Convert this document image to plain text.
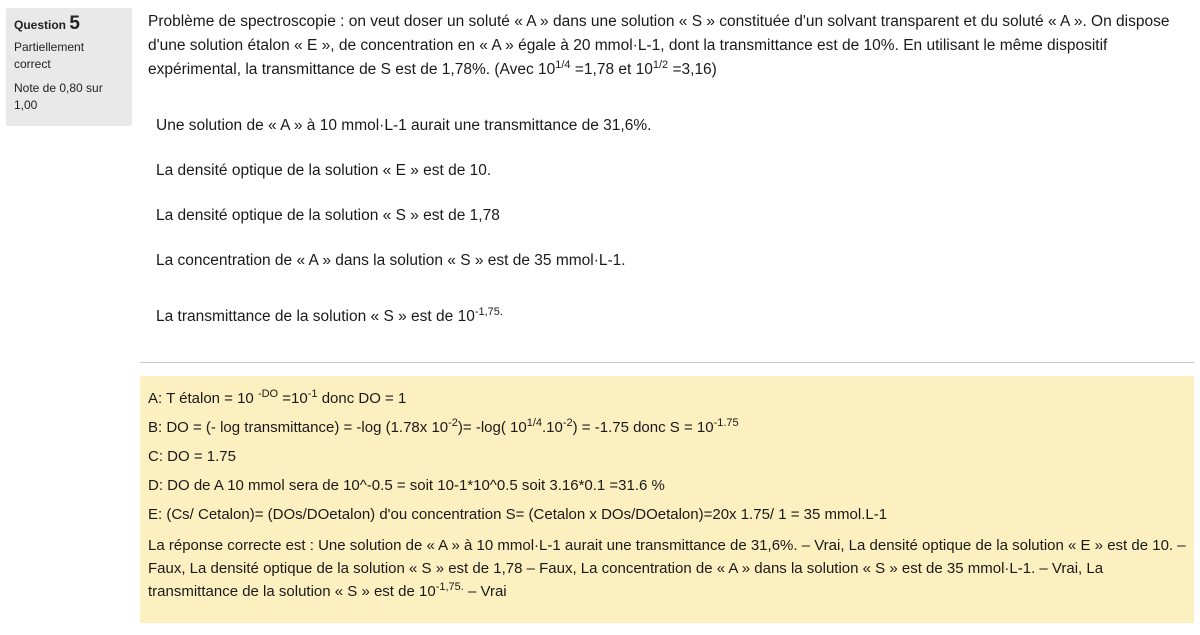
Question 5
Partiellement correct
Note de 0,80 sur 1,00
Problème de spectroscopie : on veut doser un soluté « A » dans une solution « S » constituée d'un solvant transparent et du soluté « A ». On dispose d'une solution étalon « E », de concentration en « A » égale à 20 mmol·L-1, dont la transmittance est de 10%. En utilisant le même dispositif expérimental, la transmittance de S est de 1,78%. (Avec $10^{1/4} =1,78$ et $10^{1/2} =3,16$)
Une solution de « A » à 10 mmol·L-1 aurait une transmittance de 31,6%.
La densité optique de la solution « E » est de 10.
La densité optique de la solution « S » est de 1,78
La concentration de « A » dans la solution « S » est de 35 mmol·L-1.
La transmittance de la solution « S » est de $10^{-1,75.}$
A: T étalon = 10 $^{-DO} =10^{-1}$ donc DO = 1
B: DO = (- log transmittance) = -log (1.78x $10^{-2})= -\log$( $10^{1/4}.10^{-2}) = -1.75$ donc $S = 10^{-1.75}$
C: DO = 1.75
D: DO de A 10 mmol sera de 10^-0.5 = soit 10-1*10^0.5 soit 3.16*0.1 =31.6 %
E: (Cs/ Cetalon)= (DOs/DOetalon) d'ou concentration S= (Cetalon x DOs/DOetalon)=20x 1.75/ 1 = 35 mmol.L-1
La réponse correcte est : Une solution de « A » à 10 mmol·L-1 aurait une transmittance de 31,6%. – Vrai, La densité optique de la solution « E » est de 10. – Faux, La densité optique de la solution « S » est de 1,78 – Faux, La concentration de « A » dans la solution « S » est de 35 mmol·L-1. – Vrai, La transmittance de la solution « S » est de $10^{-1,75.}$ – Vrai
